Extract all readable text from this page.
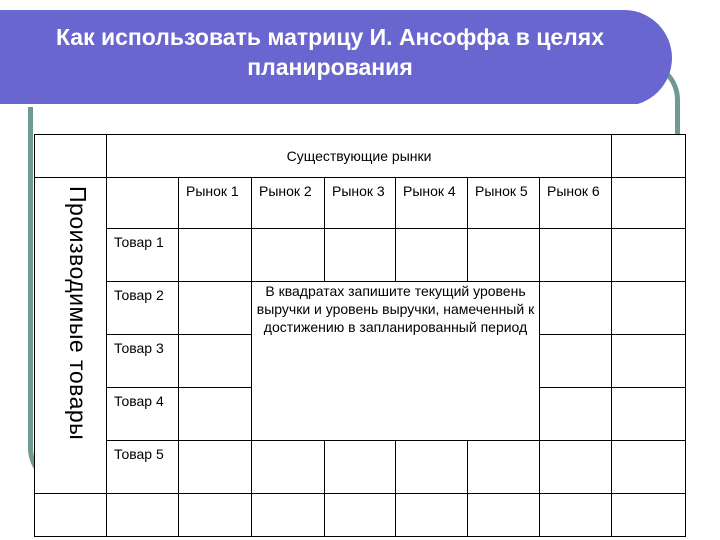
Как использовать матрицу И. Ансоффа в целях планирования
	Существующие рынки							

Производимые товары		Рынок 1	Рынок 2	Рынок 3	Рынок 4	Рынок 5	Рынок 6	

	Товар 1							

	Товар 2		В квадратах запишите текущий уровень выручки и уровень выручки, намеченный к достижению в запланированный период					

	Товар 3							

	Товар 4							

	Товар 5							
